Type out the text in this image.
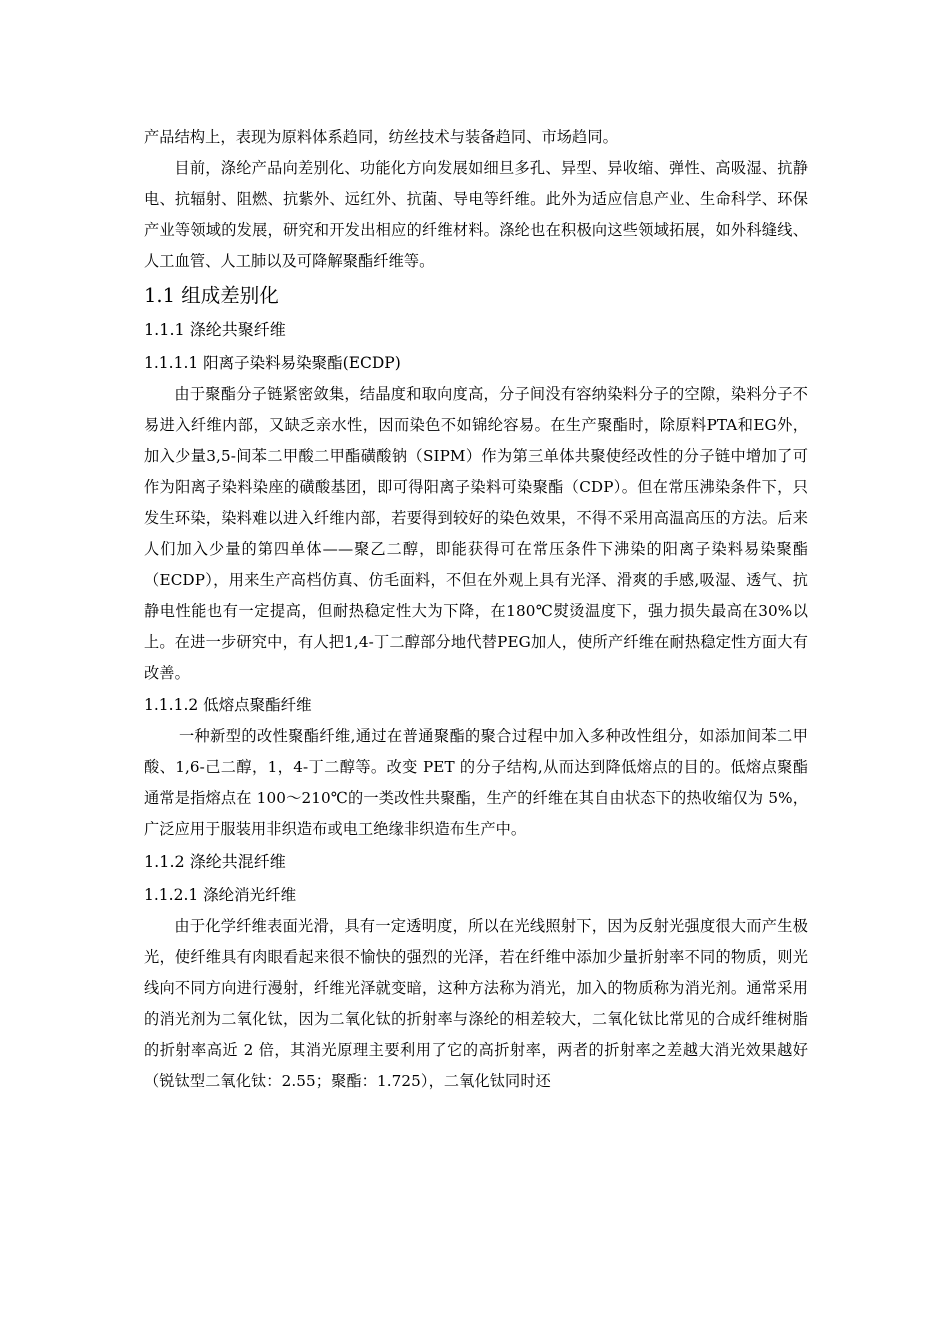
产品结构上，表现为原料体系趋同，纺丝技术与装备趋同、市场趋同。

目前，涤纶产品向差别化、功能化方向发展如细旦多孔、异型、异收缩、弹性、高吸湿、抗静电、抗辐射、阻燃、抗紫外、远红外、抗菌、导电等纤维。此外为适应信息产业、生命科学、环保产业等领域的发展，研究和开发出相应的纤维材料。涤纶也在积极向这些领域拓展，如外科缝线、人工血管、人工肺以及可降解聚酯纤维等。

1.1 组成差别化
1.1.1 涤纶共聚纤维
1.1.1.1 阳离子染料易染聚酯(ECDP)

由于聚酯分子链紧密敛集，结晶度和取向度高，分子间没有容纳染料分子的空隙，染料分子不易进入纤维内部，又缺乏亲水性，因而染色不如锦纶容易。在生产聚酯时，除原料PTA和EG外，加入少量3,5-间苯二甲酸二甲酯磺酸钠（SIPM）作为第三单体共聚使经改性的分子链中增加了可作为阳离子染料染座的磺酸基团，即可得阳离子染料可染聚酯（CDP）。但在常压沸染条件下，只发生环染，染料难以进入纤维内部，若要得到较好的染色效果，不得不采用高温高压的方法。后来人们加入少量的第四单体——聚乙二醇，即能获得可在常压条件下沸染的阳离子染料易染聚酯（ECDP），用来生产高档仿真、仿毛面料，不但在外观上具有光泽、滑爽的手感,吸湿、透气、抗静电性能也有一定提高，但耐热稳定性大为下降，在180℃熨烫温度下，强力损失最高在30%以上。在进一步研究中，有人把1,4-丁二醇部分地代替PEG加人，使所产纤维在耐热稳定性方面大有改善。

1.1.1.2 低熔点聚酯纤维

一种新型的改性聚酯纤维,通过在普通聚酯的聚合过程中加入多种改性组分，如添加间苯二甲酸、1,6-己二醇，1，4-丁二醇等。改变 PET 的分子结构,从而达到降低熔点的目的。低熔点聚酯通常是指熔点在 100～210℃的一类改性共聚酯，生产的纤维在其自由状态下的热收缩仅为 5%，广泛应用于服装用非织造布或电工绝缘非织造布生产中。

1.1.2 涤纶共混纤维
1.1.2.1 涤纶消光纤维

由于化学纤维表面光滑，具有一定透明度，所以在光线照射下，因为反射光强度很大而产生极光，使纤维具有肉眼看起来很不愉快的强烈的光泽，若在纤维中添加少量折射率不同的物质，则光线向不同方向进行漫射，纤维光泽就变暗，这种方法称为消光，加入的物质称为消光剂。通常采用的消光剂为二氧化钛，因为二氧化钛的折射率与涤纶的相差较大，二氧化钛比常见的合成纤维树脂的折射率高近 2 倍，其消光原理主要利用了它的高折射率，两者的折射率之差越大消光效果越好（锐钛型二氧化钛：2.55；聚酯：1.725），二氧化钛同时还
